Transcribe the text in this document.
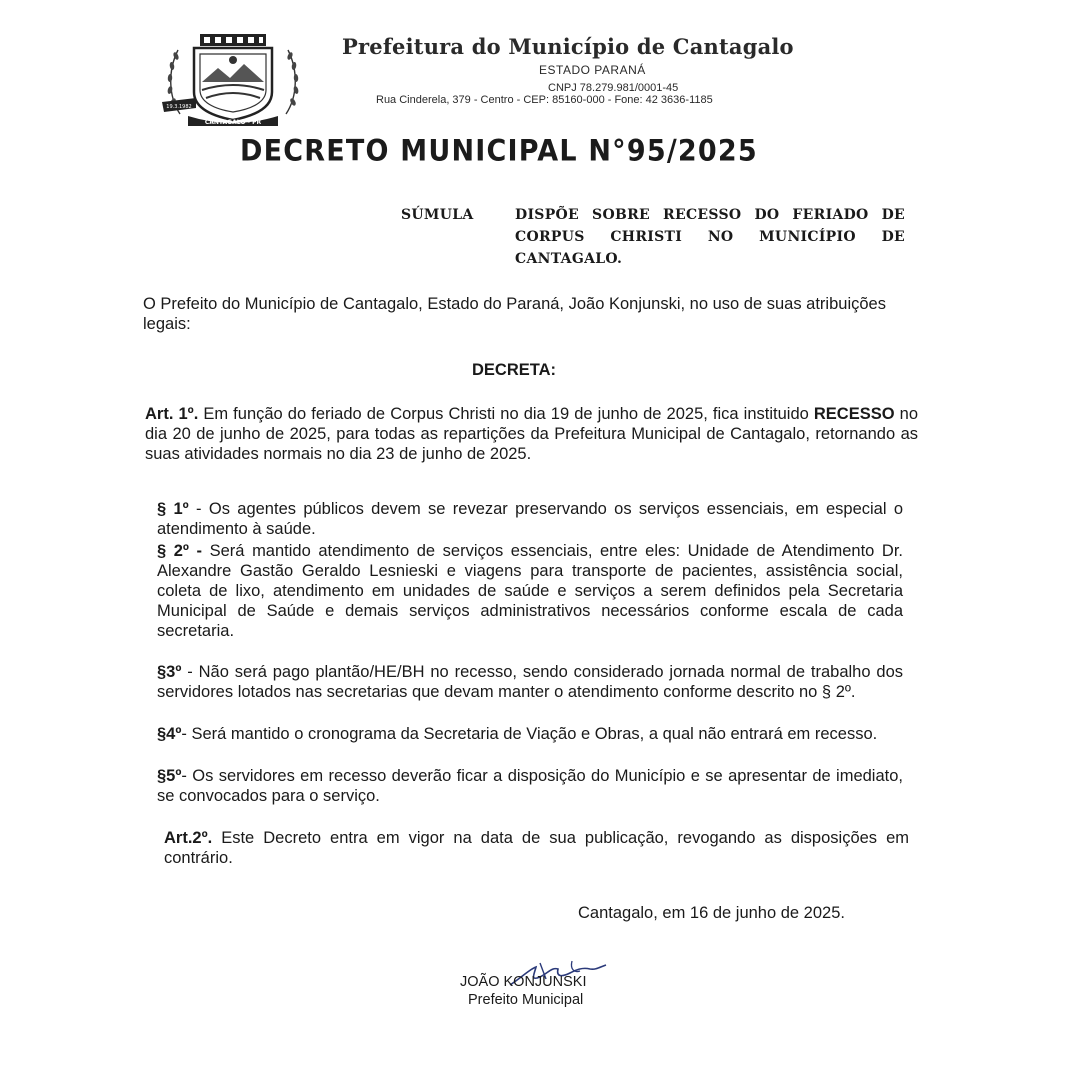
19.3.1982
CANTAGALO - PR
Prefeitura do Município de Cantagalo
ESTADO PARANÁ
CNPJ 78.279.981/0001-45
Rua Cinderela, 379 - Centro - CEP: 85160-000 - Fone: 42 3636-1185
DECRETO MUNICIPAL N°95/2025
SÚMULA	DISPÕE SOBRE RECESSO DO FERIADO DE CORPUS CHRISTI NO MUNICÍPIO DE CANTAGALO.
O Prefeito do Município de Cantagalo, Estado do Paraná, João Konjunski, no uso de suas atribuições legais:
DECRETA:
Art. 1º. Em função do feriado de Corpus Christi no dia 19 de junho de 2025, fica instituido RECESSO no dia 20 de junho de 2025, para todas as repartições da Prefeitura Municipal de Cantagalo, retornando as suas atividades normais no dia 23 de junho de 2025.
§ 1º - Os agentes públicos devem se revezar preservando os serviços essenciais, em especial o atendimento à saúde.
§ 2º - Será mantido atendimento de serviços essenciais, entre eles: Unidade de Atendimento Dr. Alexandre Gastão Geraldo Lesnieski e viagens para transporte de pacientes, assistência social, coleta de lixo, atendimento em unidades de saúde e serviços a serem definidos pela Secretaria Municipal de Saúde e demais serviços administrativos necessários conforme escala de cada secretaria.
§3º - Não será pago plantão/HE/BH no recesso, sendo considerado jornada normal de trabalho dos servidores lotados nas secretarias que devam manter o atendimento conforme descrito no § 2º.
§4º- Será mantido o cronograma da Secretaria de Viação e Obras, a qual não entrará em recesso.
§5º- Os servidores em recesso deverão ficar a disposição do Município e se apresentar de imediato, se convocados para o serviço.
Art.2º. Este Decreto entra em vigor na data de sua publicação, revogando as disposições em contrário.
Cantagalo, em 16 de junho de 2025.
JOÃO KONJUNSKI
Prefeito Municipal
